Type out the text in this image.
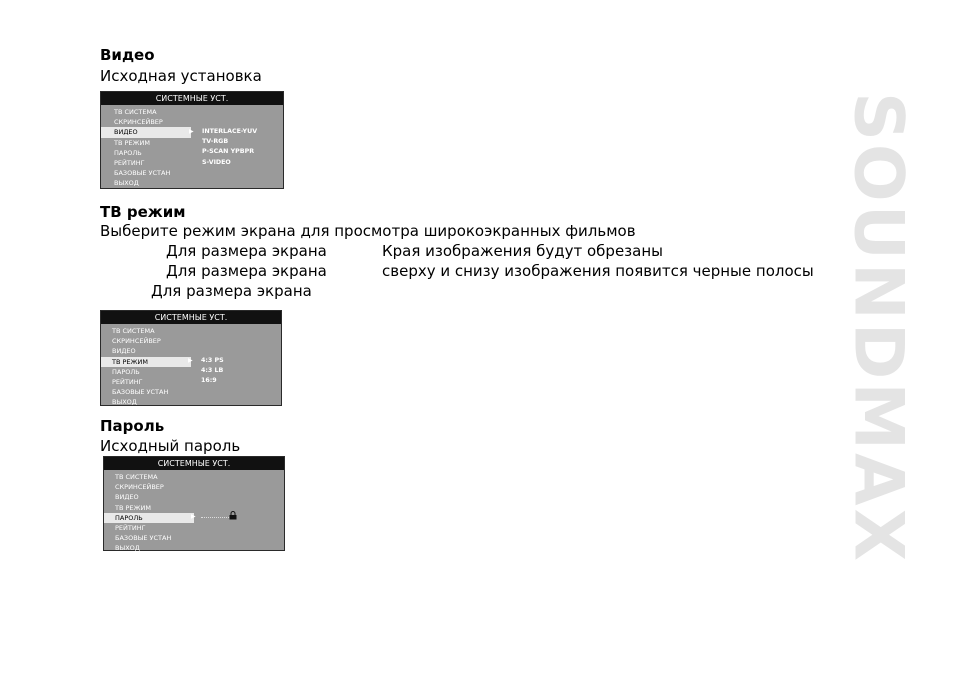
SOUNDMAX
Видео
Исходная установка
СИСТЕМНЫЕ УСТ.
ТВ СИСТЕМА
СКРИНСЕЙВЕР
ВИДЕО
ТВ РЕЖИМ
ПАРОЛЬ
РЕЙТИНГ
БАЗОВЫЕ УСТАН
ВЫХОД
▶ INTERLACE-YUV
TV-RGB
P-SCAN YPBPR
S-VIDEO
ТВ режим
Выберите режим экрана для просмотра широкоэкранных фильмов
Для размера экрана	Края изображения будут обрезаны
Для размера экрана	сверху и снизу изображения появится черные полосы
Для размера экрана
СИСТЕМНЫЕ УСТ.
ТВ СИСТЕМА
СКРИНСЕЙВЕР
ВИДЕО
ТВ РЕЖИМ
ПАРОЛЬ
РЕЙТИНГ
БАЗОВЫЕ УСТАН
ВЫХОД
▶ 4:3 PS
4:3 LB
16:9
Пароль
Исходный пароль
СИСТЕМНЫЕ УСТ.
ТВ СИСТЕМА
СКРИНСЕЙВЕР
ВИДЕО
ТВ РЕЖИМ
ПАРОЛЬ
РЕЙТИНГ
БАЗОВЫЕ УСТАН
ВЫХОД
▶
